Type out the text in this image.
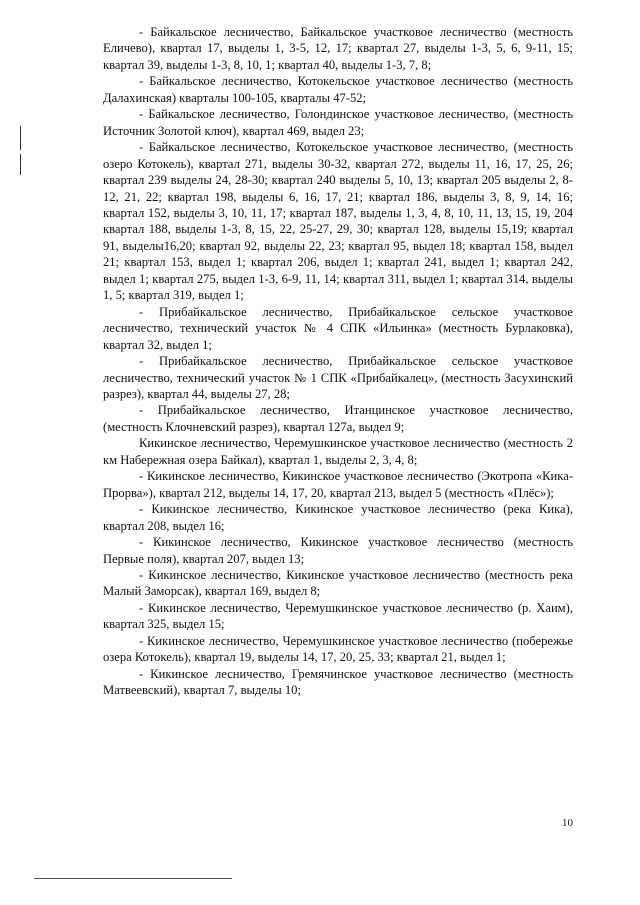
- Байкальское лесничество, Байкальское участковое лесничество (местность Еличево), квартал 17, выделы 1, 3-5, 12, 17; квартал 27, выделы 1-3, 5, 6, 9-11, 15; квартал 39, выделы 1-3, 8, 10, 1; квартал 40, выделы 1-3, 7, 8;

- Байкальское лесничество, Котокельское участковое лесничество (местность Далахинская) кварталы 100-105, кварталы 47-52;

- Байкальское лесничество, Голондинское участковое лесничество, (местность Источник Золотой ключ), квартал 469, выдел 23;

- Байкальское лесничество, Котокельское участковое лесничество, (местность озеро Котокель), квартал 271, выделы 30-32, квартал 272, выделы 11, 16, 17, 25, 26; квартал 239 выделы 24, 28-30; квартал 240 выделы 5, 10, 13; квартал 205 выделы 2, 8-12, 21, 22; квартал 198, выделы 6, 16, 17, 21; квартал 186, выделы 3, 8, 9, 14, 16; квартал 152, выделы 3, 10, 11, 17; квартал 187, выделы 1, 3, 4, 8, 10, 11, 13, 15, 19, 204 квартал 188, выделы 1-3, 8, 15, 22, 25-27, 29, 30; квартал 128, выделы 15,19; квартал 91, выделы16,20; квартал 92, выделы 22, 23; квартал 95, выдел 18; квартал 158, выдел 21; квартал 153, выдел 1; квартал 206, выдел 1; квартал 241, выдел 1; квартал 242, выдел 1; квартал 275, выдел 1-3, 6-9, 11, 14; квартал 311, выдел 1; квартал 314, выделы 1, 5; квартал 319, выдел 1;

- Прибайкальское лесничество, Прибайкальское сельское участковое лесничество, технический участок № 4 СПК «Ильинка» (местность Бурлаковка), квартал 32, выдел 1;

- Прибайкальское лесничество, Прибайкальское сельское участковое лесничество, технический участок № 1 СПК «Прибайкалец», (местность Засухинский разрез), квартал 44, выделы 27, 28;

- Прибайкальское лесничество, Итанцинское участковое лесничество, (местность Клочневский разрез), квартал 127а, выдел 9;

Кикинское лесничество, Черемушкинское участковое лесничество (местность 2 км Набережная озера Байкал), квартал 1, выделы 2, 3, 4, 8;

- Кикинское лесничество, Кикинское участковое лесничество (Экотропа «Кика-Прорва»), квартал 212, выделы 14, 17, 20, квартал 213, выдел 5 (местность «Плёс»);

- Кикинское лесничество, Кикинское участковое лесничество (река Кика), квартал 208, выдел 16;

- Кикинское лесничество, Кикинское участковое лесничество (местность Первые поля), квартал 207, выдел 13;

- Кикинское лесничество, Кикинское участковое лесничество (местность река Малый Заморсак), квартал 169, выдел 8;

- Кикинское лесничество, Черемушкинское участковое лесничество (р. Хаим), квартал 325, выдел 15;

- Кикинское лесничество, Черемушкинское участковое лесничество (побережье озера Котокель), квартал 19, выделы 14, 17, 20, 25, 33; квартал 21, выдел 1;

- Кикинское лесничество, Гремячинское участковое лесничество (местность Матвеевский), квартал 7, выделы 10;

10
